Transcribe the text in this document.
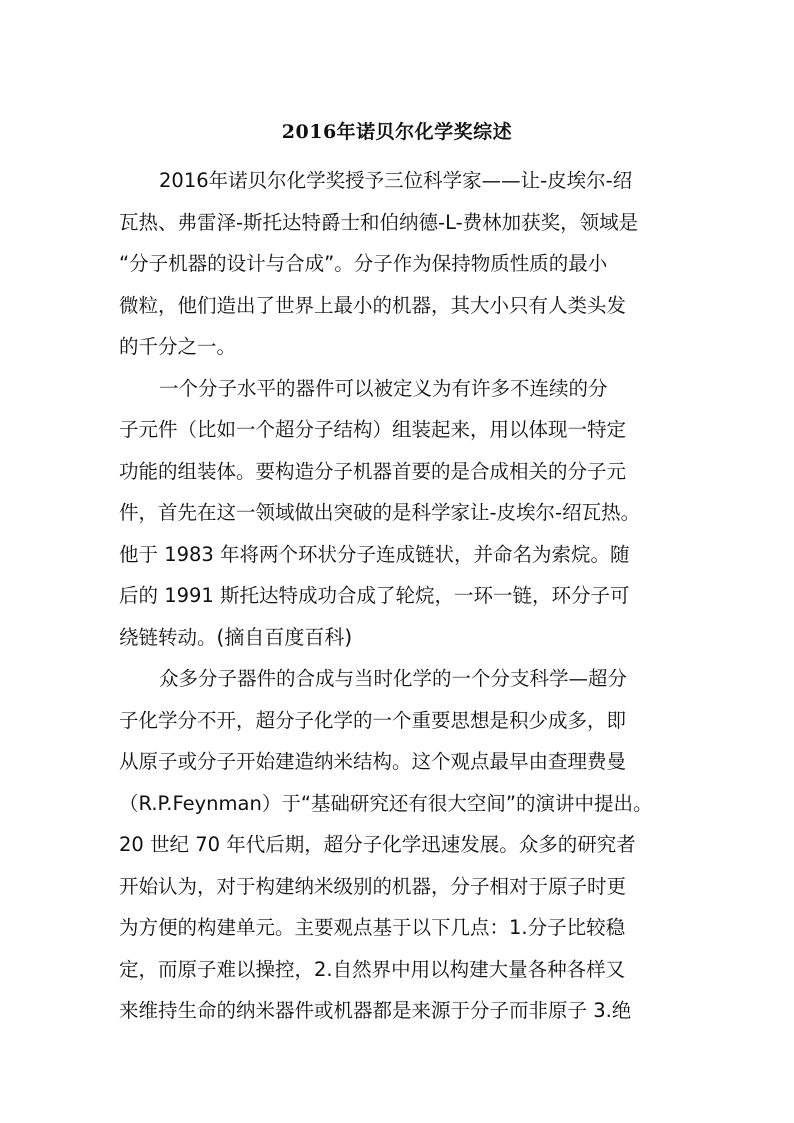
2016年诺贝尔化学奖综述
2016年诺贝尔化学奖授予三位科学家——让-皮埃尔-绍
瓦热、弗雷泽-斯托达特爵士和伯纳德-L-费林加获奖，领域是
“分子机器的设计与合成”。分子作为保持物质性质的最小
微粒，他们造出了世界上最小的机器，其大小只有人类头发
的千分之一。
一个分子水平的器件可以被定义为有许多不连续的分
子元件（比如一个超分子结构）组装起来，用以体现一特定
功能的组装体。要构造分子机器首要的是合成相关的分子元
件，首先在这一领域做出突破的是科学家让-皮埃尔-绍瓦热。
他于 1983 年将两个环状分子连成链状，并命名为索烷。随
后的 1991 斯托达特成功合成了轮烷，一环一链，环分子可
绕链转动。(摘自百度百科)
众多分子器件的合成与当时化学的一个分支科学—超分
子化学分不开，超分子化学的一个重要思想是积少成多，即
从原子或分子开始建造纳米结构。这个观点最早由查理费曼
（R.P.Feynman）于“基础研究还有很大空间”的演讲中提出。
20 世纪 70 年代后期，超分子化学迅速发展。众多的研究者
开始认为，对于构建纳米级别的机器，分子相对于原子时更
为方便的构建单元。主要观点基于以下几点：1.分子比较稳
定，而原子难以操控，2.自然界中用以构建大量各种各样又
来维持生命的纳米器件或机器都是来源于分子而非原子 3.绝
